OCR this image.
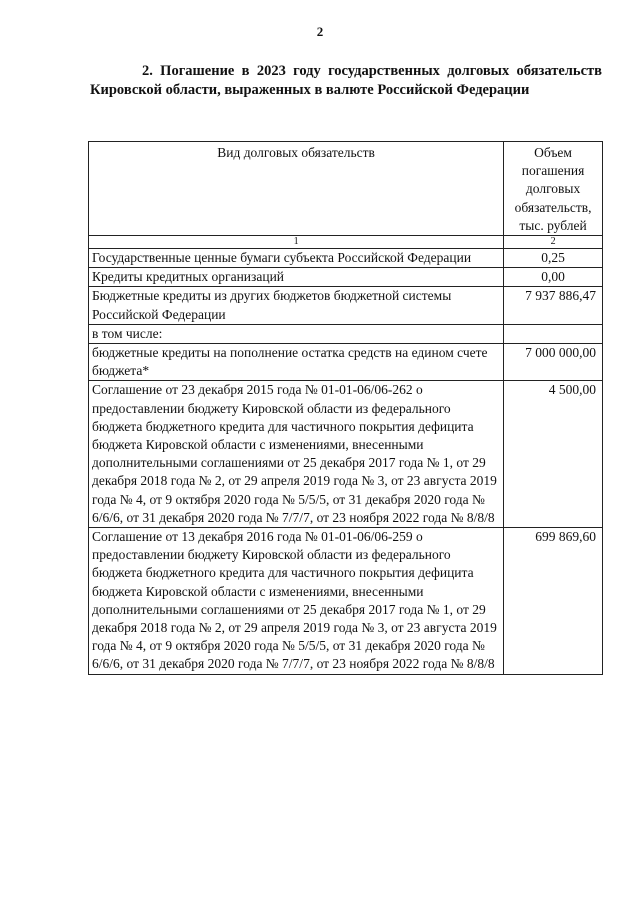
2
2. Погашение в 2023 году государственных долговых обязательств Кировской области, выраженных в валюте Российской Федерации
Вид долговых обязательств	Объем погашения долговых обязательств, тыс. рублей
1	2
Государственные ценные бумаги субъекта Российской Федерации	0,25
Кредиты кредитных организаций	0,00
Бюджетные кредиты из других бюджетов бюджетной системы Российской Федерации	7 937 886,47
в том числе:	
бюджетные кредиты на пополнение остатка средств на едином счете бюджета*	7 000 000,00
Соглашение от 23 декабря 2015 года № 01-01-06/06-262 о предоставлении бюджету Кировской области из федерального бюджета бюджетного кредита для частичного покрытия дефицита бюджета Кировской области с изменениями, внесенными дополнительными соглашениями от 25 декабря 2017 года № 1, от 29 декабря 2018 года № 2, от 29 апреля 2019 года № 3, от 23 августа 2019 года № 4, от 9 октября 2020 года № 5/5/5, от 31 декабря 2020 года № 6/6/6, от 31 декабря 2020 года № 7/7/7, от 23 ноября 2022 года № 8/8/8	4 500,00
Соглашение от 13 декабря 2016 года № 01-01-06/06-259 о предоставлении бюджету Кировской области из федерального бюджета бюджетного кредита для частичного покрытия дефицита бюджета Кировской области с изменениями, внесенными дополнительными соглашениями от 25 декабря 2017 года № 1, от 29 декабря 2018 года № 2, от 29 апреля 2019 года № 3, от 23 августа 2019 года № 4, от 9 октября 2020 года № 5/5/5, от 31 декабря 2020 года № 6/6/6, от 31 декабря 2020 года № 7/7/7, от 23 ноября 2022 года № 8/8/8	699 869,60
